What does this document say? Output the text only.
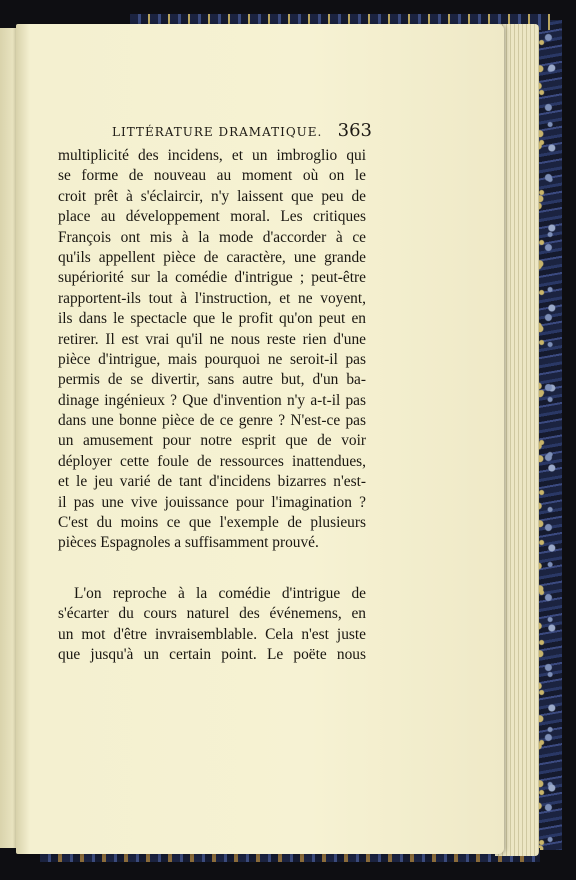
LITTÉRATURE DRAMATIQUE. 363
multiplicité des incidens, et un imbroglio qui
se forme de nouveau au moment où on le
croit prêt à s'éclaircir, n'y laissent que peu de
place au développement moral. Les critiques
François ont mis à la mode d'accorder à ce
qu'ils appellent pièce de caractère, une grande
supériorité sur la comédie d'intrigue ; peut-être
rapportent-ils tout à l'instruction, et ne voyent,
ils dans le spectacle que le profit qu'on peut en
retirer. Il est vrai qu'il ne nous reste rien d'une
pièce d'intrigue, mais pourquoi ne seroit-il pas
permis de se divertir, sans autre but, d'un ba-
dinage ingénieux ? Que d'invention n'y a-t-il pas
dans une bonne pièce de ce genre ? N'est-ce pas
un amusement pour notre esprit que de voir
déployer cette foule de ressources inattendues,
et le jeu varié de tant d'incidens bizarres n'est-
il pas une vive jouissance pour l'imagination ?
C'est du moins ce que l'exemple de plusieurs
pièces Espagnoles a suffisamment prouvé.
L'on reproche à la comédie d'intrigue de
s'écarter du cours naturel des événemens, en
un mot d'être invraisemblable. Cela n'est juste
que jusqu'à un certain point. Le poëte nous
